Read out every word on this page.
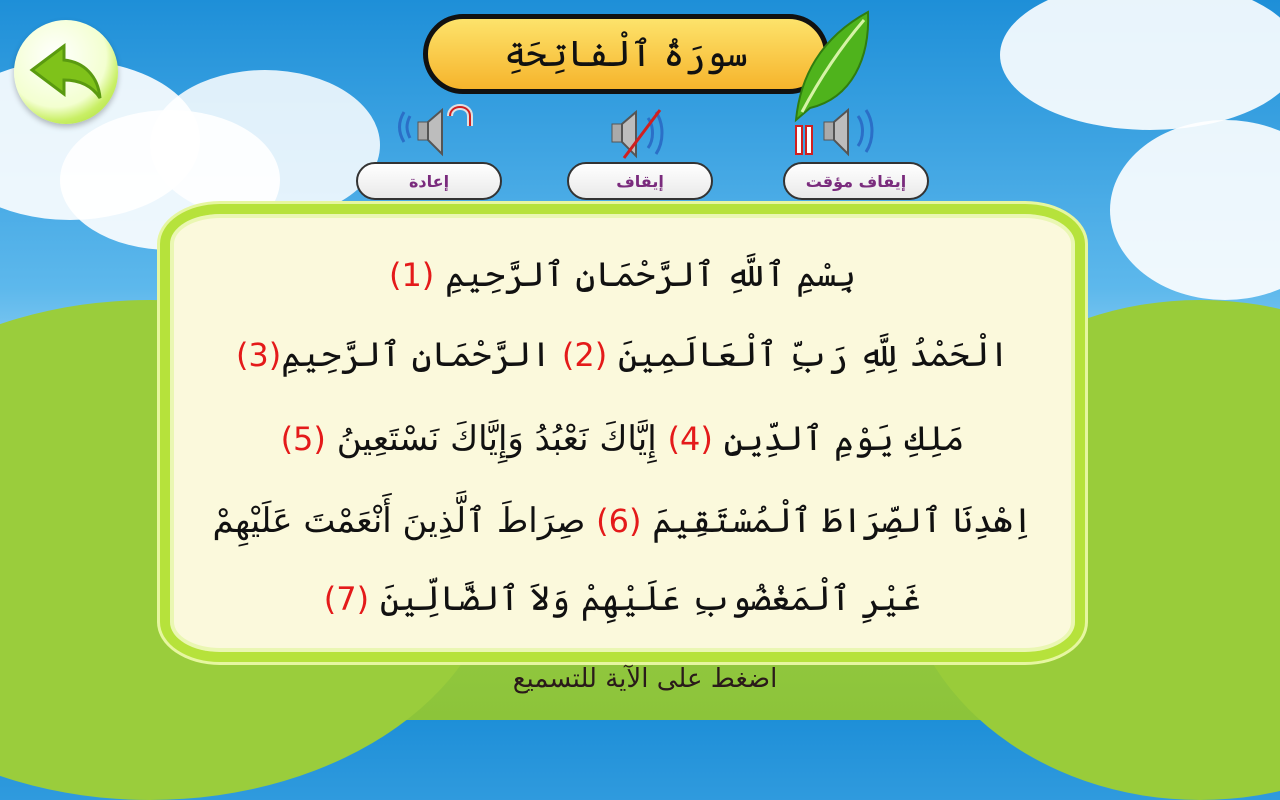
سورَةُ ٱلْفاتِحَةِ
إعادة	إيقاف	إيقاف مؤقت
بِسْمِ ٱللَّهِ ٱلرَّحْمَانِ ٱلرَّحِيمِ (1)
الْحَمْدُ لِلَّهِ رَبِّ ٱلْعَالَمِينَ (2) الرَّحْمَانِ ٱلرَّحِيمِ(3)
مَلِكِ يَوْمِ ٱلدِّينِ (4) إِيَّاكَ نَعْبُدُ وَإِيَّاكَ نَسْتَعِينُ (5)
اِهْدِنَا ٱلصِّرَاطَ ٱلْمُسْتَقِيمَ (6) صِرَاطَ ٱلَّذِينَ أَنْعَمْتَ عَلَيْهِمْ
غَيْرِ ٱلْمَغْضُوبِ عَلَيْهِمْ وَلاَ ٱلضَّالِّينَ (7)
اضغط على الآية للتسميع
